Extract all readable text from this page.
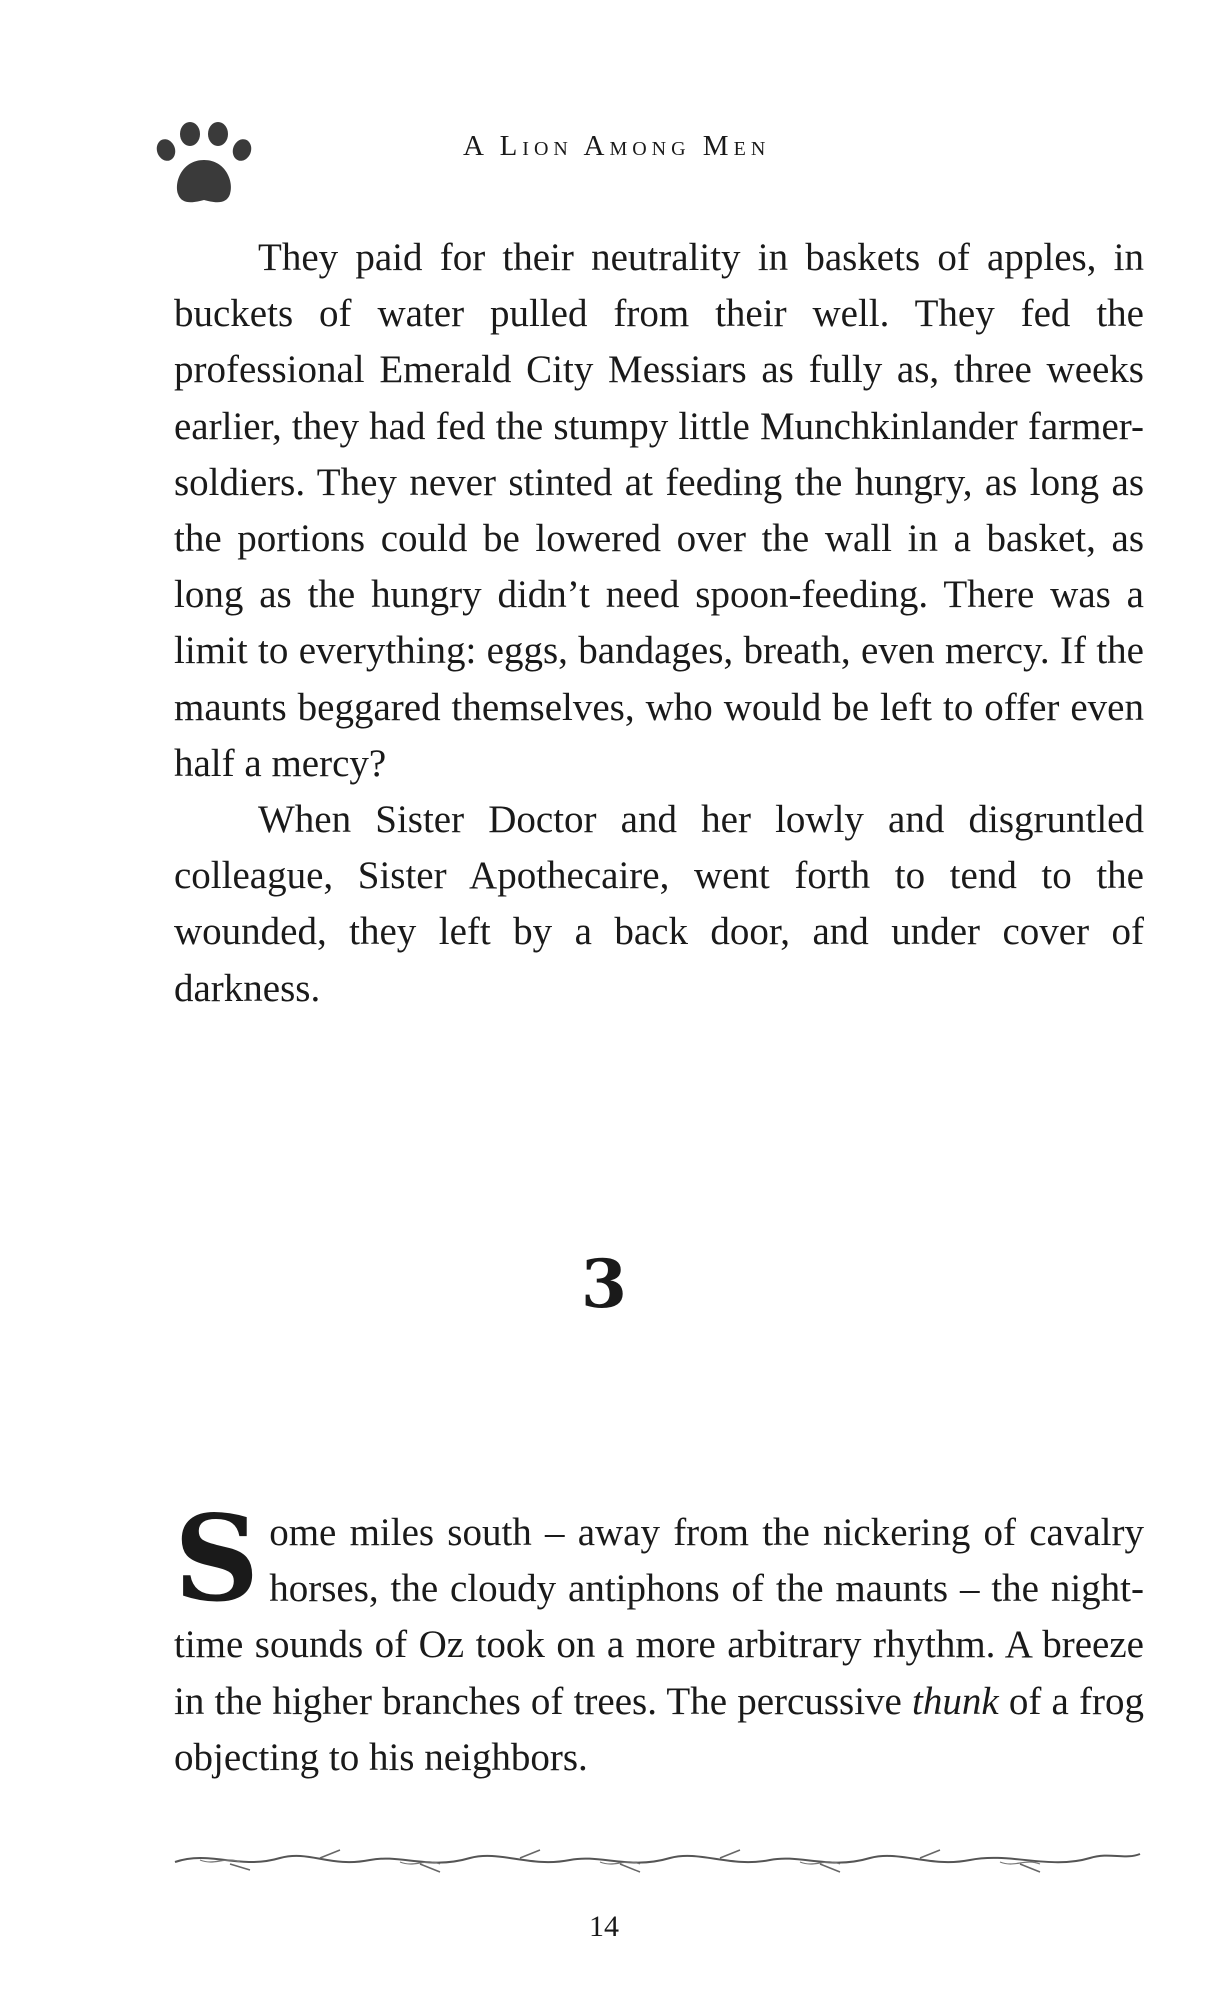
A Lion Among Men

They paid for their neutrality in baskets of apples, in buckets of water pulled from their well. They fed the professional Emerald City Messiars as fully as, three weeks earlier, they had fed the stumpy little Munchkinlander farmer-soldiers. They never stinted at feeding the hungry, as long as the portions could be lowered over the wall in a basket, as long as the hungry didn’t need spoon-feeding. There was a limit to everything: eggs, bandages, breath, even mercy. If the maunts beggared themselves, who would be left to offer even half a mercy?

When Sister Doctor and her lowly and disgruntled colleague, Sister Apothecaire, went forth to tend to the wounded, they left by a back door, and under cover of darkness.

3

Some miles south – away from the nickering of cavalry horses, the cloudy antiphons of the maunts – the night-time sounds of Oz took on a more arbitrary rhythm. A breeze in the higher branches of trees. The percussive thunk of a frog objecting to his neighbors.

14
